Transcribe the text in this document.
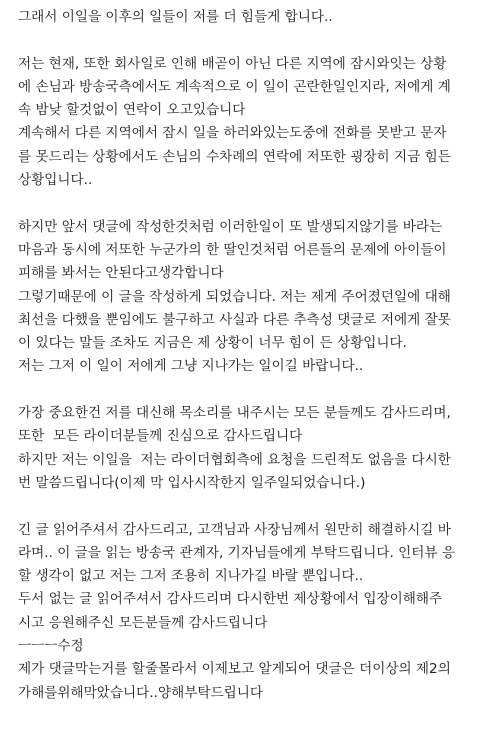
그래서 이일을 이후의 일들이 저를 더 힘들게 합니다..
저는 현재, 또한 회사일로 인해 배곧이 아닌 다른 지역에 잠시와잇는 상황
에 손님과 방송국측에서도 계속적으로 이 일이 곤란한일인지라, 저에게 계
속 밤낮 할것없이 연락이 오고있습니다
계속해서 다른 지역에서 잠시 일을 하러와있는도중에 전화를 못받고 문자
를 못드리는 상황에서도 손님의 수차례의 연락에 저또한 굉장히 지금 힘든
상황입니다..
하지만 앞서 댓글에 작성한것처럼 이러한일이 또 발생되지않기를 바라는
마음과 동시에 저또한 누군가의 한 딸인것처럼 어른들의 문제에 아이들이
피해를 봐서는 안된다고생각합니다
그렇기때문에 이 글을 작성하게 되었습니다. 저는 제게 주어졌던일에 대해
최선을 다했을 뿐임에도 불구하고 사실과 다른 추측성 댓글로 저에게 잘못
이 있다는 말들 조차도 지금은 제 상황이 너무 힘이 든 상황입니다.
저는 그저 이 일이 저에게 그냥 지나가는 일이길 바랍니다..
가장 중요한건 저를 대신해 목소리를 내주시는 모든 분들께도 감사드리며,
또한  모든 라이더분들께 진심으로 감사드립니다
하지만 저는 이일을  저는 라이더협회측에 요청을 드린적도 없음을 다시한
번 말씀드립니다(이제 막 입사시작한지 일주일되었습니다.)
긴 글 읽어주셔서 감사드리고, 고객님과 사장님께서 원만히 해결하시길 바
라며.. 이 글을 읽는 방송국 관계자, 기자님들에게 부탁드립니다. 인터뷰 응
할 생각이 없고 저는 그저 조용히 지나가길 바랄 뿐입니다..
두서 없는 글 읽어주셔서 감사드리며 다시한번 제상황에서 입장이해해주
시고 응원해주신 모든분들께 감사드립니다
ㅡㅡㅡ수정
제가 댓글막는거를 할줄몰라서 이제보고 알게되어 댓글은 더이상의 제2의
가해를위해막았습니다..양해부탁드립니다
